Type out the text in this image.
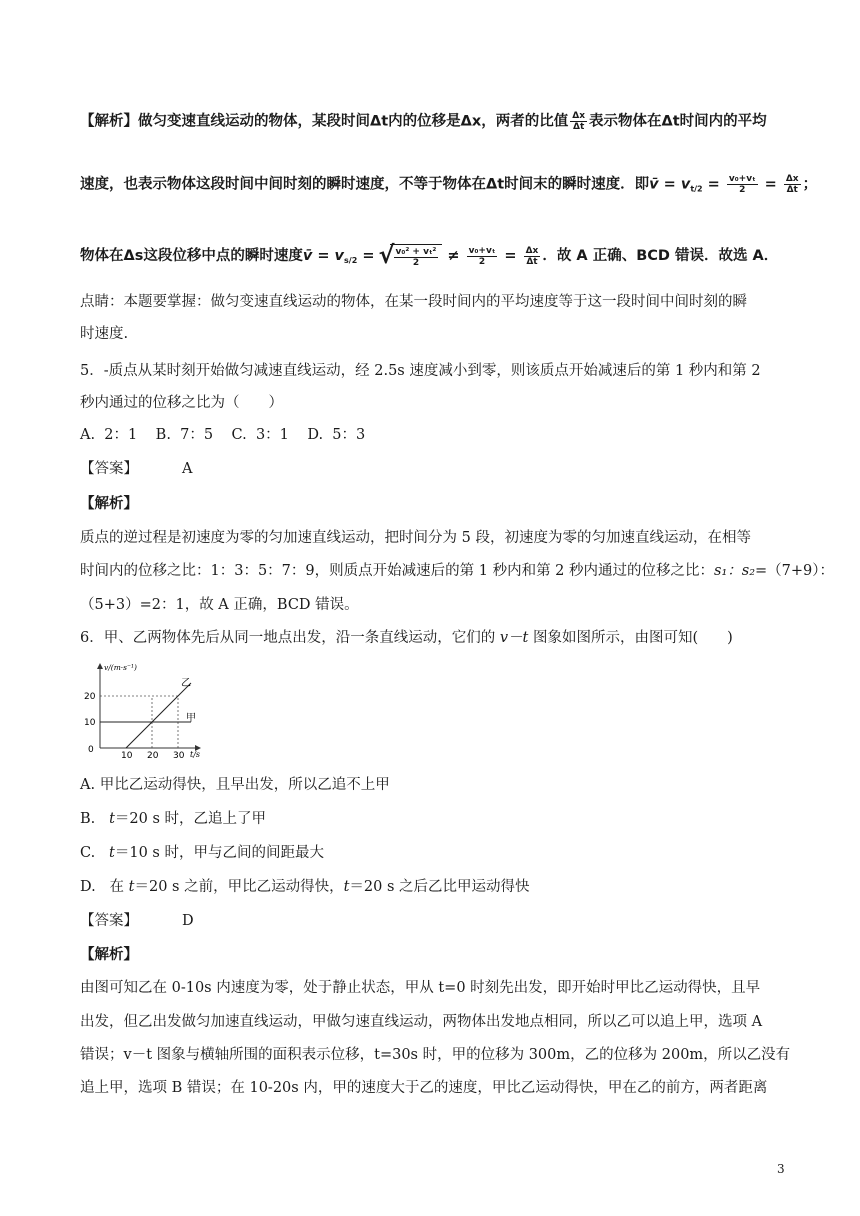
【解析】做匀变速直线运动的物体，某段时间Δt内的位移是Δx，两者的比值 $\frac{\Delta x}{\Delta t}$ 表示物体在Δt时间内的平均
速度，也表示物体这段时间中间时刻的瞬时速度，不等于物体在Δt时间末的瞬时速度．即v̄ = $v_{t/2} = \frac{\text{v₀+vₜ}}{2} = \frac{\Delta x}{\Delta t}$ ；
物体在Δs这段位移中点的瞬时速度v̄ = $v_{s/2}$ =
√ $\frac{\text{v₀² + vₜ²}}{2} \ne \frac{\text{v₀+vₜ}}{2} = \frac{\Delta x}{\Delta t}$ ．故 A 正确、BCD 错误．故选 A．
点睛：本题要掌握：做匀变速直线运动的物体，在某一段时间内的平均速度等于这一段时间中间时刻的瞬
时速度.
5．-质点从某时刻开始做匀减速直线运动，经 2.5s 速度减小到零，则该质点开始减速后的第 1 秒内和第 2
秒内通过的位移之比为（　　）
A.  2：1    B.  7：5    C.  3：1    D.  5：3
【答案】	A
【解析】
质点的逆过程是初速度为零的匀加速直线运动，把时间分为 5 段，初速度为零的匀加速直线运动，在相等
时间内的位移之比：1：3：5：7：9，则质点开始减速后的第 1 秒内和第 2 秒内通过的位移之比：s₁：s₂=（7+9）：
（5+3）=2：1，故 A 正确，BCD 错误。
6．甲、乙两物体先后从同一地点出发，沿一条直线运动，它们的 v－t 图象如图所示，由图可知(　　)
v/(m·s⁻¹)
t/s
0
10 20 30
10
20
甲
乙
A. 甲比乙运动得快，且早出发，所以乙追不上甲
B.   t＝20 s 时，乙追上了甲
C.   t＝10 s 时，甲与乙间的间距最大
D.   在 t＝20 s 之前，甲比乙运动得快，t＝20 s 之后乙比甲运动得快
【答案】	D
【解析】
由图可知乙在 0-10s 内速度为零，处于静止状态，甲从 t=0 时刻先出发，即开始时甲比乙运动得快，且早
出发，但乙出发做匀加速直线运动，甲做匀速直线运动，两物体出发地点相同，所以乙可以追上甲，选项 A
错误；v－t 图象与横轴所围的面积表示位移，t=30s 时，甲的位移为 300m，乙的位移为 200m，所以乙没有
追上甲，选项 B 错误；在 10-20s 内，甲的速度大于乙的速度，甲比乙运动得快，甲在乙的前方，两者距离
3
